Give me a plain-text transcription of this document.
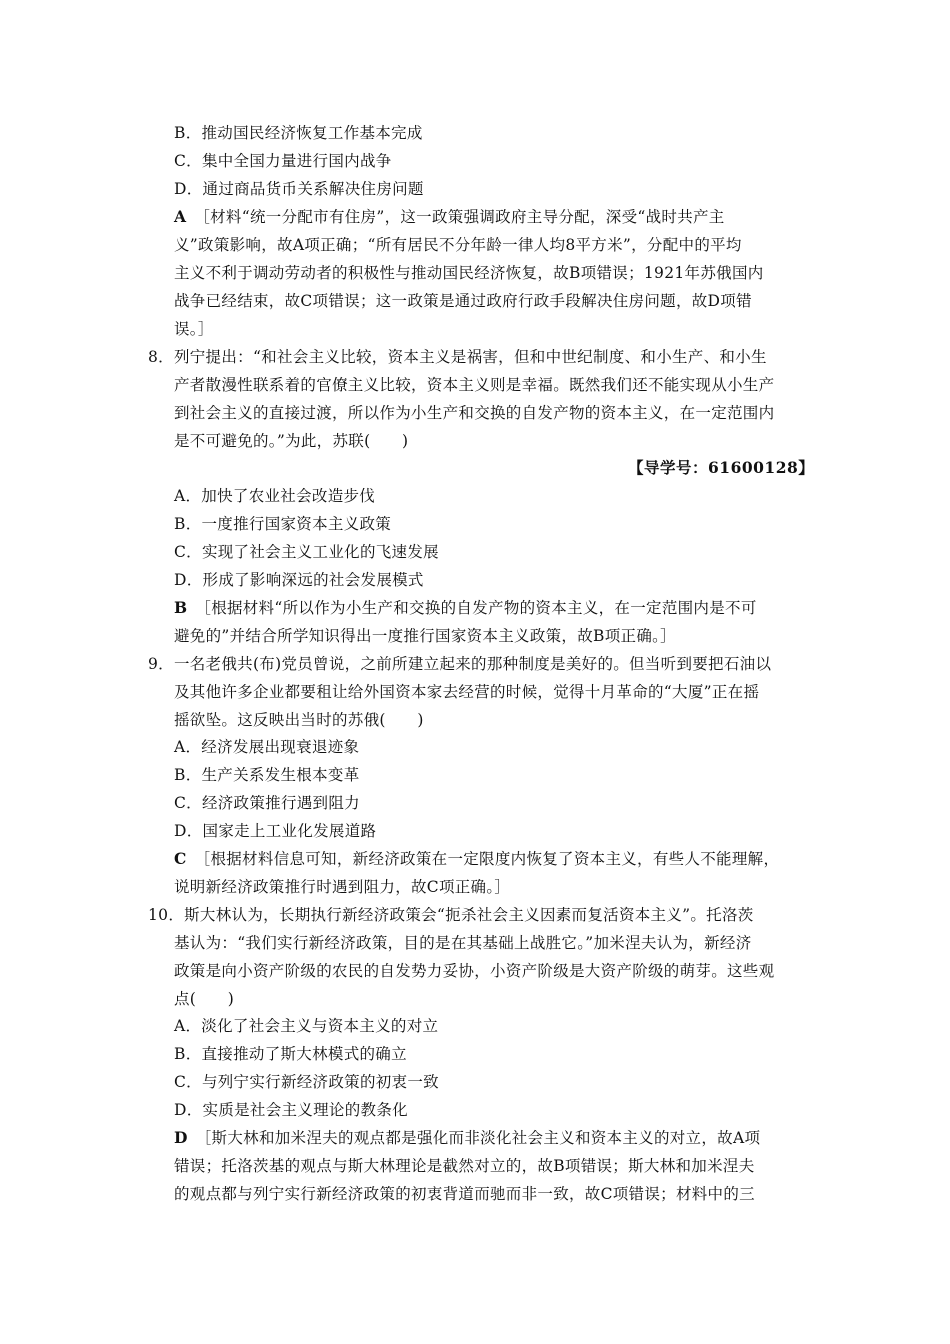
B．推动国民经济恢复工作基本完成
C．集中全国力量进行国内战争
D．通过商品货币关系解决住房问题
A ［材料“统一分配市有住房”，这一政策强调政府主导分配，深受“战时共产主
义”政策影响，故A项正确；“所有居民不分年龄一律人均8平方米”，分配中的平均
主义不利于调动劳动者的积极性与推动国民经济恢复，故B项错误；1921年苏俄国内
战争已经结束，故C项错误；这一政策是通过政府行政手段解决住房问题，故D项错
误。］
8．列宁提出：“和社会主义比较，资本主义是祸害，但和中世纪制度、和小生产、和小生
产者散漫性联系着的官僚主义比较，资本主义则是幸福。既然我们还不能实现从小生产
到社会主义的直接过渡，所以作为小生产和交换的自发产物的资本主义，在一定范围内
是不可避免的。”为此，苏联(　　)
【导学号：61600128】
A．加快了农业社会改造步伐
B．一度推行国家资本主义政策
C．实现了社会主义工业化的飞速发展
D．形成了影响深远的社会发展模式
B ［根据材料“所以作为小生产和交换的自发产物的资本主义，在一定范围内是不可
避免的”并结合所学知识得出一度推行国家资本主义政策，故B项正确。］
9．一名老俄共(布)党员曾说，之前所建立起来的那种制度是美好的。但当听到要把石油以
及其他许多企业都要租让给外国资本家去经营的时候，觉得十月革命的“大厦”正在摇
摇欲坠。这反映出当时的苏俄(　　)
A．经济发展出现衰退迹象
B．生产关系发生根本变革
C．经济政策推行遇到阻力
D．国家走上工业化发展道路
C ［根据材料信息可知，新经济政策在一定限度内恢复了资本主义，有些人不能理解，
说明新经济政策推行时遇到阻力，故C项正确。］
10．斯大林认为，长期执行新经济政策会“扼杀社会主义因素而复活资本主义”。托洛茨
基认为：“我们实行新经济政策，目的是在其基础上战胜它。”加米涅夫认为，新经济
政策是向小资产阶级的农民的自发势力妥协，小资产阶级是大资产阶级的萌芽。这些观
点(　　)
A．淡化了社会主义与资本主义的对立
B．直接推动了斯大林模式的确立
C．与列宁实行新经济政策的初衷一致
D．实质是社会主义理论的教条化
D ［斯大林和加米涅夫的观点都是强化而非淡化社会主义和资本主义的对立，故A项
错误；托洛茨基的观点与斯大林理论是截然对立的，故B项错误；斯大林和加米涅夫
的观点都与列宁实行新经济政策的初衷背道而驰而非一致，故C项错误；材料中的三
